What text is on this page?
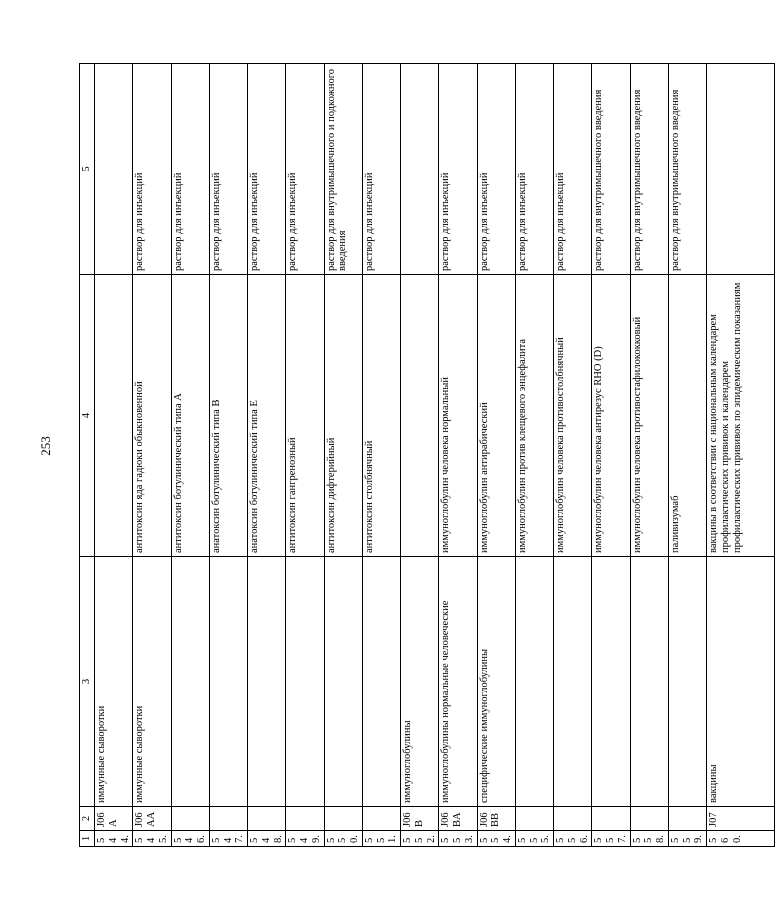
253
1	2	3	4	5
544.	J06A	иммунные сыворотки		
545.	J06AA	иммунные сыворотки	антитоксин яда гадюки обыкновенной	раствор для инъекций
546.			антитоксин ботулинический типа А	раствор для инъекций
547.			анатоксин ботулинический типа В	раствор для инъекций
548.			анатоксин ботулинический типа Е	раствор для инъекций
549.			антитоксин гангренозный	раствор для инъекций
550.			антитоксин дифтерийный	раствор для внутримышечного и подкожного введения
551.			антитоксин столбнячный	раствор для инъекций
552.	J06B	иммуноглобулины		
553.	J06BA	иммуноглобулины нормальные человеческие	иммуноглобулин человека нормальный	раствор для инъекций
554.	J06BB	специфические иммуноглобулины	иммуноглобулин антирабический	раствор для инъекций
555.			иммуноглобулин против клещевого энцефалита	раствор для инъекций
556.			иммуноглобулин человека противостолбнячный	раствор для инъекций
557.			иммуноглобулин человека антирезус RHO (D)	раствор для внутримышечного введения
558.			иммуноглобулин человека противостафилококковый	раствор для внутримышечного введения
559.			паливизумаб	раствор для внутримышечного введения
560.	J07	вакцины	вакцины в соответствии с национальным календарем профилактических прививок и календарем профилактических прививок по эпидемическим показаниям	
